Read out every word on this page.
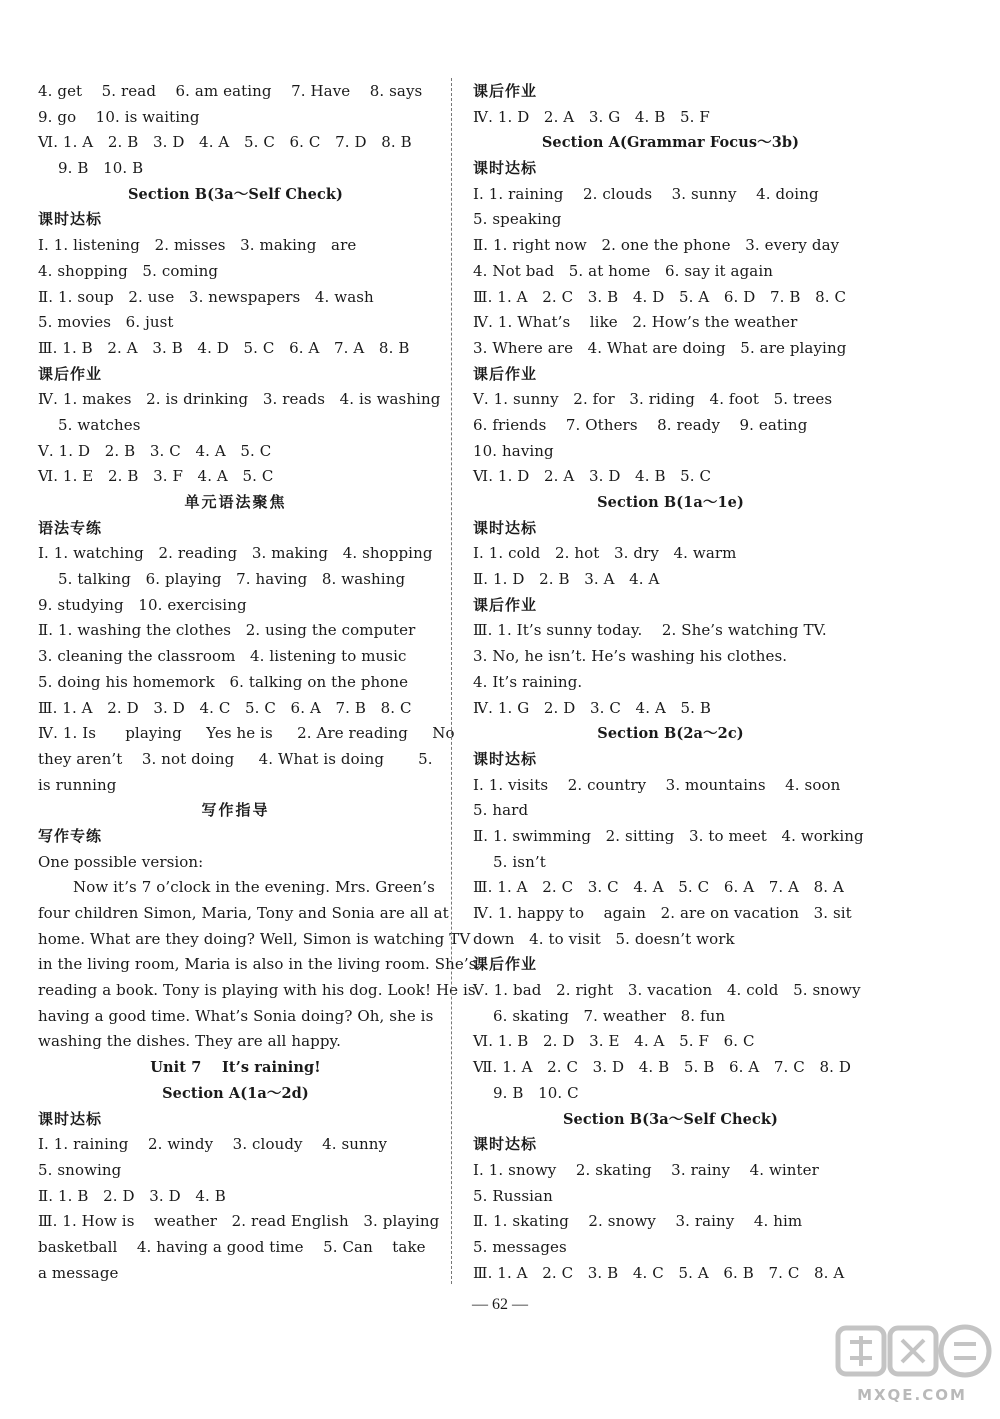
4. get    5. read    6. am eating    7. Have    8. says
9. go    10. is waiting
Ⅵ. 1. A   2. B   3. D   4. A   5. C   6. C   7. D   8. B
9. B   10. B
Section B(3a～Self Check)
课时达标
Ⅰ. 1. listening   2. misses   3. making   are
4. shopping   5. coming
Ⅱ. 1. soup   2. use   3. newspapers   4. wash
5. movies   6. just
Ⅲ. 1. B   2. A   3. B   4. D   5. C   6. A   7. A   8. B
课后作业
Ⅳ. 1. makes   2. is drinking   3. reads   4. is washing
5. watches
Ⅴ. 1. D   2. B   3. C   4. A   5. C
Ⅵ. 1. E   2. B   3. F   4. A   5. C
单元语法聚焦
语法专练
Ⅰ. 1. watching   2. reading   3. making   4. shopping
5. talking   6. playing   7. having   8. washing
9. studying   10. exercising
Ⅱ. 1. washing the clothes   2. using the computer
3. cleaning the classroom   4. listening to music
5. doing his homemork   6. talking on the phone
Ⅲ. 1. A   2. D   3. D   4. C   5. C   6. A   7. B   8. C
Ⅳ. 1. Is      playing     Yes he is     2. Are reading     No
they aren’t    3. not doing     4. What is doing       5.
is running
写作指导
写作专练
One possible version:
Now it’s 7 o’clock in the evening. Mrs. Green’s
four children Simon, Maria, Tony and Sonia are all at
home. What are they doing? Well, Simon is watching TV
in the living room, Maria is also in the living room. She’s
reading a book. Tony is playing with his dog. Look! He is
having a good time. What’s Sonia doing? Oh, she is
washing the dishes. They are all happy.
Unit 7    It’s raining!
Section A(1a～2d)
课时达标
Ⅰ. 1. raining    2. windy    3. cloudy    4. sunny
5. snowing
Ⅱ. 1. B   2. D   3. D   4. B
Ⅲ. 1. How is    weather   2. read English   3. playing
basketball    4. having a good time    5. Can    take
a message
课后作业
Ⅳ. 1. D   2. A   3. G   4. B   5. F
Section A(Grammar Focus～3b)
课时达标
Ⅰ. 1. raining    2. clouds    3. sunny    4. doing
5. speaking
Ⅱ. 1. right now   2. one the phone   3. every day
4. Not bad   5. at home   6. say it again
Ⅲ. 1. A   2. C   3. B   4. D   5. A   6. D   7. B   8. C
Ⅳ. 1. What’s    like   2. How’s the weather
3. Where are   4. What are doing   5. are playing
课后作业
Ⅴ. 1. sunny   2. for   3. riding   4. foot   5. trees
6. friends    7. Others    8. ready    9. eating
10. having
Ⅵ. 1. D   2. A   3. D   4. B   5. C
Section B(1a～1e)
课时达标
Ⅰ. 1. cold   2. hot   3. dry   4. warm
Ⅱ. 1. D   2. B   3. A   4. A
课后作业
Ⅲ. 1. It’s sunny today.    2. She’s watching TV.
3. No, he isn’t. He’s washing his clothes.
4. It’s raining.
Ⅳ. 1. G   2. D   3. C   4. A   5. B
Section B(2a～2c)
课时达标
Ⅰ. 1. visits    2. country    3. mountains    4. soon
5. hard
Ⅱ. 1. swimming   2. sitting   3. to meet   4. working
5. isn’t
Ⅲ. 1. A   2. C   3. C   4. A   5. C   6. A   7. A   8. A
Ⅳ. 1. happy to    again   2. are on vacation   3. sit
down   4. to visit   5. doesn’t work
课后作业
Ⅴ. 1. bad   2. right   3. vacation   4. cold   5. snowy
6. skating   7. weather   8. fun
Ⅵ. 1. B   2. D   3. E   4. A   5. F   6. C
Ⅶ. 1. A   2. C   3. D   4. B   5. B   6. A   7. C   8. D
9. B   10. C
Section B(3a～Self Check)
课时达标
Ⅰ. 1. snowy    2. skating    3. rainy    4. winter
5. Russian
Ⅱ. 1. skating    2. snowy    3. rainy    4. him
5. messages
Ⅲ. 1. A   2. C   3. B   4. C   5. A   6. B   7. C   8. A
— 62 —
MXQE.COM
